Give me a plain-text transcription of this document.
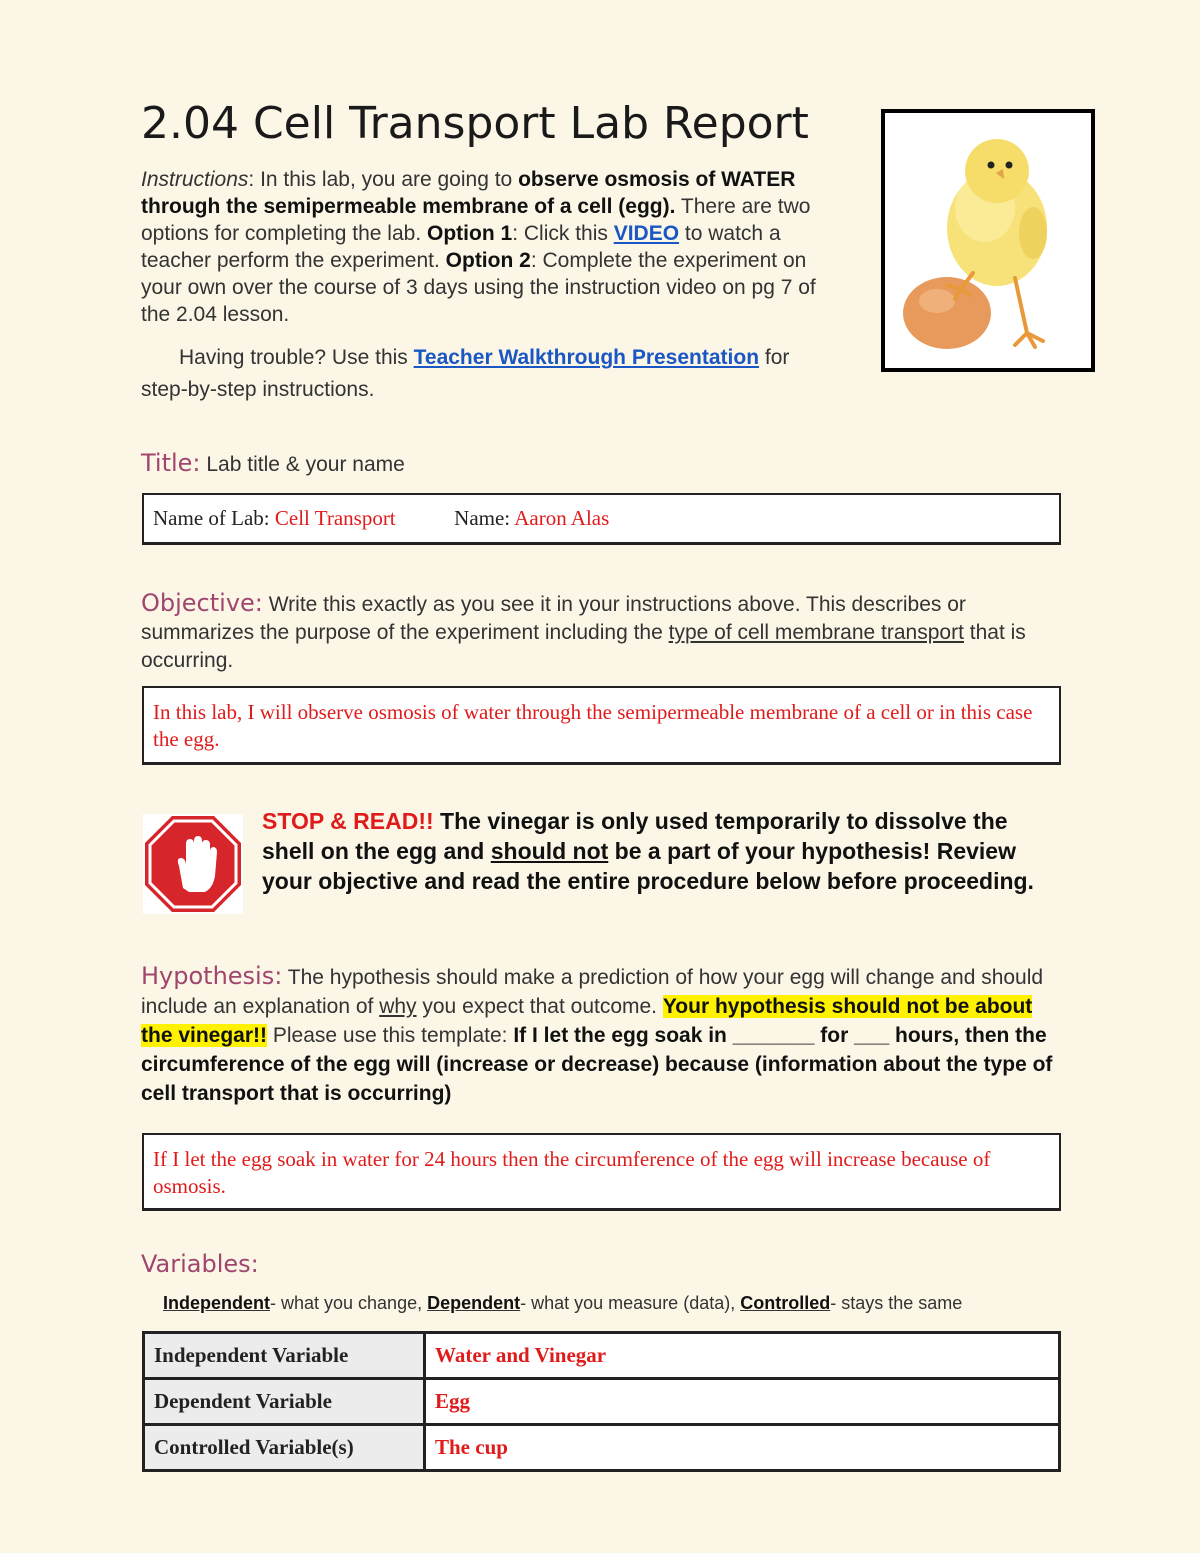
2.04 Cell Transport Lab Report

Instructions: In this lab, you are going to observe osmosis of WATER through the semipermeable membrane of a cell (egg). There are two options for completing the lab. Option 1: Click this VIDEO to watch a teacher perform the experiment. Option 2: Complete the experiment on your own over the course of 3 days using the instruction video on pg 7 of the 2.04 lesson.

Having trouble? Use this Teacher Walkthrough Presentation for step-by-step instructions.

Title: Lab title & your name
Name of Lab: Cell Transport	Name: Aaron Alas
Objective: Write this exactly as you see it in your instructions above. This describes or summarizes the purpose of the experiment including the type of cell membrane transport that is occurring.
In this lab, I will observe osmosis of water through the semipermeable membrane of a cell or in this case the egg.
STOP & READ!! The vinegar is only used temporarily to dissolve the shell on the egg and should not be a part of your hypothesis! Review your objective and read the entire procedure below before proceeding.
Hypothesis: The hypothesis should make a prediction of how your egg will change and should include an explanation of why you expect that outcome. Your hypothesis should not be about the vinegar!! Please use this template: If I let the egg soak in _______ for ___ hours, then the circumference of the egg will (increase or decrease) because (information about the type of cell transport that is occurring)
If I let the egg soak in water for 24 hours then the circumference of the egg will increase because of osmosis.
Variables:
Independent- what you change, Dependent- what you measure (data), Controlled- stays the same
Independent Variable	Water and Vinegar
Dependent Variable	Egg
Controlled Variable(s)	The cup
